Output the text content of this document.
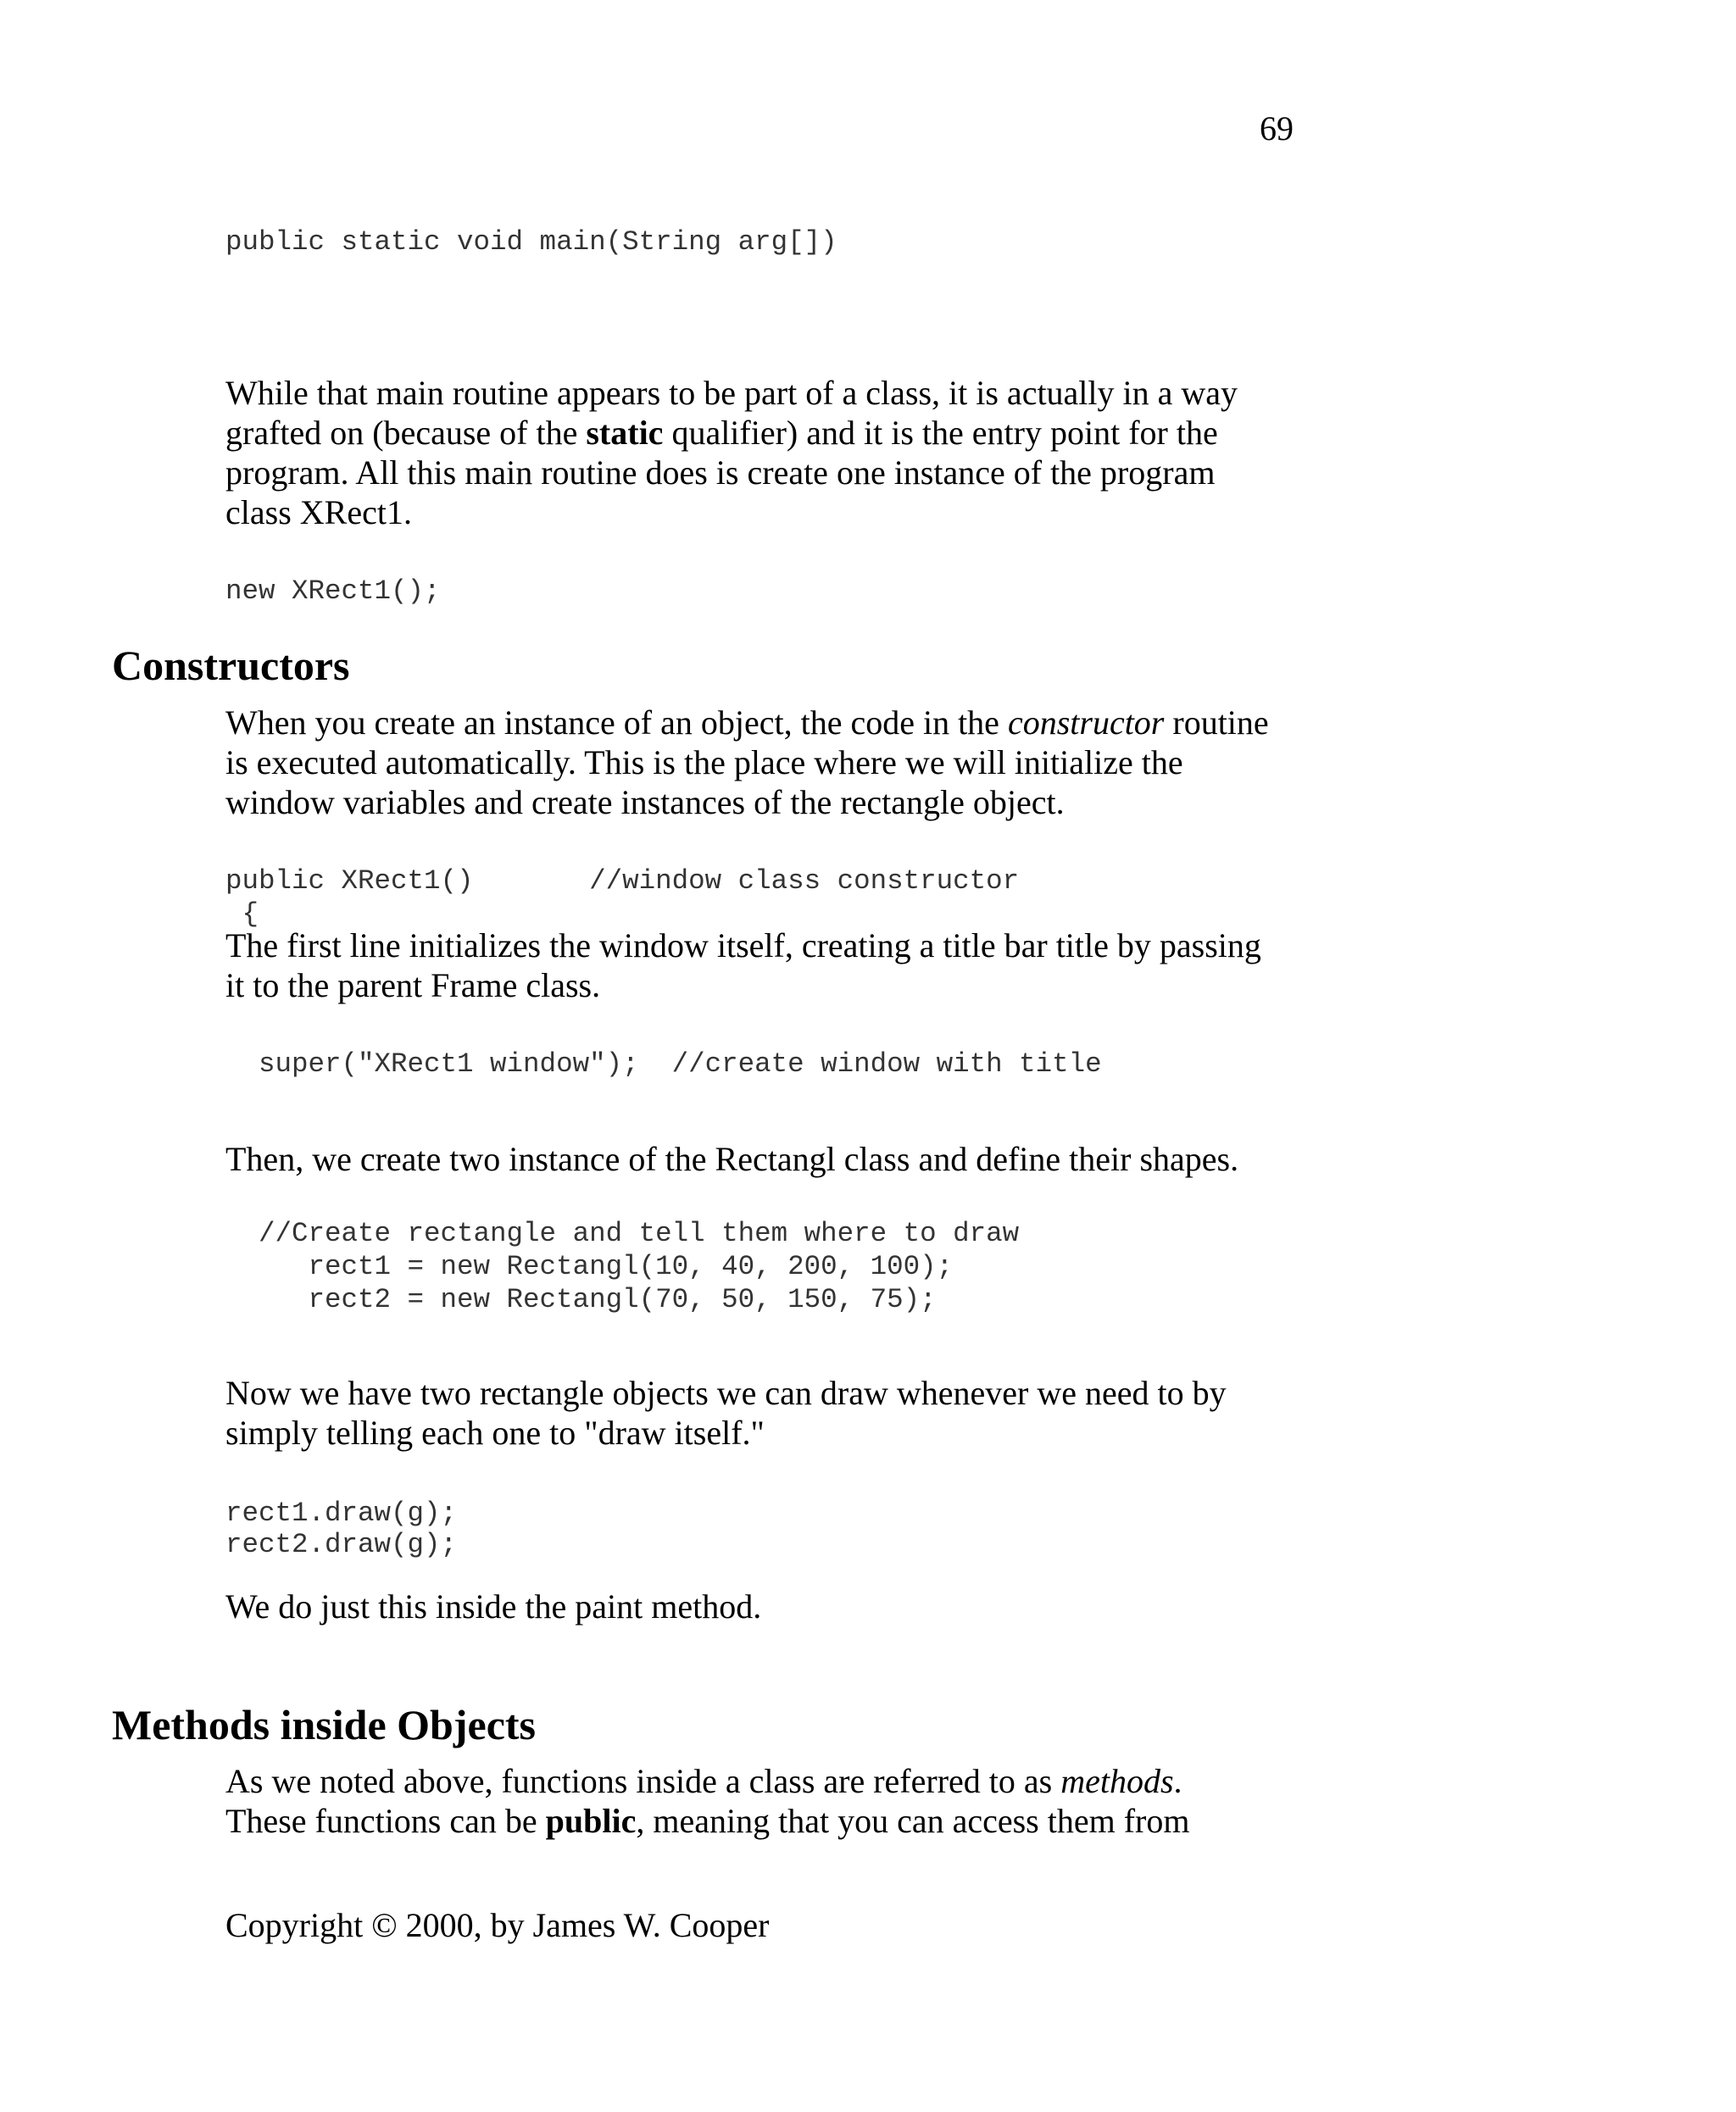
69
public static void main(String arg[])

While that main routine appears to be part of a class, it is actually in a way grafted on (because of the static qualifier) and it is the entry point for the program. All this main routine does is create one instance of the program class XRect1.

new XRect1();
Constructors

When you create an instance of an object, the code in the constructor routine is executed automatically. This is the place where we will initialize the window variables and create instances of the rectangle object.

public XRect1()       //window class constructor
{

The first line initializes the window itself, creating a title bar title by passing it to the parent Frame class.

super("XRect1 window");  //create window with title

Then, we create two instance of the Rectangl class and define their shapes.

//Create rectangle and tell them where to draw
rect1 = new Rectangl(10, 40, 200, 100);
rect2 = new Rectangl(70, 50, 150, 75);

Now we have two rectangle objects we can draw whenever we need to by simply telling each one to "draw itself."

rect1.draw(g);
rect2.draw(g);

We do just this inside the paint method.

Methods inside Objects
As we noted above, functions inside a class are referred to as methods.
These functions can be public, meaning that you can access them from
Copyright © 2000, by James W. Cooper
